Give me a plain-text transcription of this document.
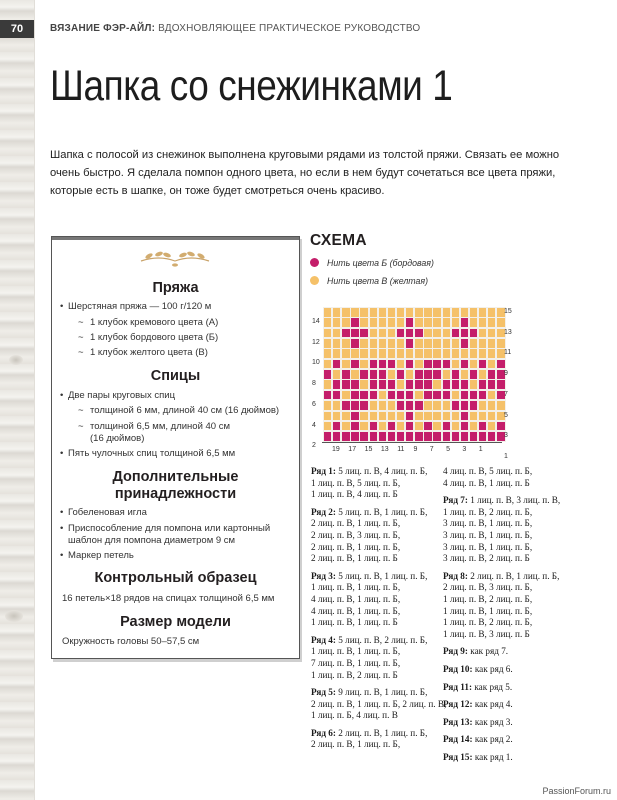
70	ВЯЗАНИЕ ФЭР-АЙЛ: ВДОХНОВЛЯЮЩЕЕ ПРАКТИЧЕСКОЕ РУКОВОДСТВО
Шапка со снежинками 1
Шапка с полосой из снежинок выполнена круговыми рядами из толстой пряжи. Связать ее можно очень быстро. Я сделала помпон одного цвета, но если в нем будут сочетаться все цвета пряжи, которые есть в шапке, он тоже будет смотреться очень красиво.
Пряжа
• Шерстяная пряжа — 100 г/120 м
~ 1 клубок кремового цвета (А)
~ 1 клубок бордового цвета (Б)
~ 1 клубок желтого цвета (В)
Спицы
• Две пары круговых спиц
~ толщиной 6 мм, длиной 40 см (16 дюймов)
~ толщиной 6,5 мм, длиной 40 см
(16 дюймов)
• Пять чулочных спиц толщиной 6,5 мм
Дополнительные
принадлежности
• Гобеленовая игла
• Приспособление для помпона или картонный
шаблон для помпона диаметром 9 см
• Маркер петель
Контрольный образец
16 петель×18 рядов на спицах толщиной 6,5 мм
Размер модели
Окружность головы 50–57,5 см
СХЕМА
Нить цвета Б (бордовая)
Нить цвета В (желтая)
15
13
11
9
7
5
3
1
14
12
10
8
6
4
2
19 17 15 13 11 9 7 5 3 1
Ряд 1: 5 лиц. п. В, 4 лиц. п. Б,
1 лиц. п. В, 5 лиц. п. Б,
1 лиц. п. В, 4 лиц. п. Б
Ряд 2: 5 лиц. п. В, 1 лиц. п. Б,
2 лиц. п. В, 1 лиц. п. Б,
2 лиц. п. В, 3 лиц. п. Б,
2 лиц. п. В, 1 лиц. п. Б,
2 лиц. п. В, 1 лиц. п. Б
Ряд 3: 5 лиц. п. В, 1 лиц. п. Б,
1 лиц. п. В, 1 лиц. п. Б,
4 лиц. п. В, 1 лиц. п. Б,
4 лиц. п. В, 1 лиц. п. Б,
1 лиц. п. В, 1 лиц. п. Б
Ряд 4: 5 лиц. п. В, 2 лиц. п. Б,
1 лиц. п. В, 1 лиц. п. Б,
7 лиц. п. В, 1 лиц. п. Б,
1 лиц. п. В, 2 лиц. п. Б
Ряд 5: 9 лиц. п. В, 1 лиц. п. Б,
2 лиц. п. В, 1 лиц. п. Б, 2 лиц. п. В,
1 лиц. п. Б, 4 лиц. п. В
Ряд 6: 2 лиц. п. В, 1 лиц. п. Б,
2 лиц. п. В, 1 лиц. п. Б,
4 лиц. п. В, 5 лиц. п. Б,
4 лиц. п. В, 1 лиц. п. Б
Ряд 7: 1 лиц. п. В, 3 лиц. п. В,
1 лиц. п. В, 2 лиц. п. Б,
3 лиц. п. В, 1 лиц. п. Б,
3 лиц. п. В, 1 лиц. п. Б,
3 лиц. п. В, 1 лиц. п. Б,
3 лиц. п. В, 2 лиц. п. Б
Ряд 8: 2 лиц. п. В, 1 лиц. п. Б,
2 лиц. п. В, 3 лиц. п. Б,
1 лиц. п. В, 2 лиц. п. Б,
1 лиц. п. В, 1 лиц. п. Б,
1 лиц. п. В, 2 лиц. п. Б,
1 лиц. п. В, 3 лиц. п. Б
Ряд 9: как ряд 7.
Ряд 10: как ряд 6.
Ряд 11: как ряд 5.
Ряд 12: как ряд 4.
Ряд 13: как ряд 3.
Ряд 14: как ряд 2.
Ряд 15: как ряд 1.
PassionForum.ru
